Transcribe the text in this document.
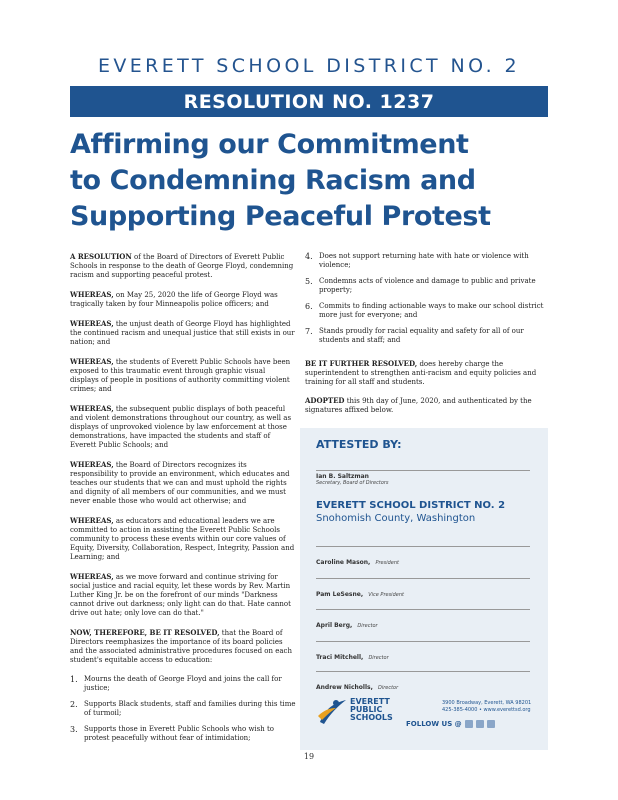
EVERETT SCHOOL DISTRICT NO. 2
RESOLUTION NO. 1237
Affirming our Commitment
to Condemning Racism and
Supporting Peaceful Protest

A RESOLUTION of the Board of Directors of Everett Public Schools in response to the death of George Floyd, condemning racism and supporting peaceful protest.

WHEREAS, on May 25, 2020 the life of George Floyd was tragically taken by four Minneapolis police officers; and

WHEREAS, the unjust death of George Floyd has highlighted the continued racism and unequal justice that still exists in our nation; and

WHEREAS, the students of Everett Public Schools have been exposed to this traumatic event through graphic visual displays of people in positions of authority committing violent crimes; and

WHEREAS, the subsequent public displays of both peaceful and violent demonstrations throughout our country, as well as displays of unprovoked violence by law enforcement at those demonstrations, have impacted the students and staff of Everett Public Schools; and

WHEREAS, the Board of Directors recognizes its responsibility to provide an environment, which educates and teaches our students that we can and must uphold the rights and dignity of all members of our communities, and we must never enable those who would act otherwise; and

WHEREAS, as educators and educational leaders we are committed to action in assisting the Everett Public Schools community to process these events within our core values of Equity, Diversity, Collaboration, Respect, Integrity, Passion and Learning; and

WHEREAS, as we move forward and continue striving for social justice and racial equity, let these words by Rev. Martin Luther King Jr. be on the forefront of our minds "Darkness cannot drive out darkness; only light can do that. Hate cannot drive out hate; only love can do that."

NOW, THEREFORE, BE IT RESOLVED, that the Board of Directors reemphasizes the importance of its board policies and the associated administrative procedures focused on each student's equitable access to education:

1. Mourns the death of George Floyd and joins the call for justice;
2. Supports Black students, staff and families during this time of turmoil;
3. Supports those in Everett Public Schools who wish to protest peacefully without fear of intimidation;
4. Does not support returning hate with hate or violence with violence;
5. Condemns acts of violence and damage to public and private property;
6. Commits to finding actionable ways to make our school district more just for everyone; and
7. Stands proudly for racial equality and safety for all of our students and staff; and

BE IT FURTHER RESOLVED, does hereby charge the superintendent to strengthen anti-racism and equity policies and training for all staff and students.

ADOPTED this 9th day of June, 2020, and authenticated by the signatures affixed below.

ATTESTED BY:
Ian B. Saltzman
Secretary, Board of Directors
EVERETT SCHOOL DISTRICT NO. 2
Snohomish County, Washington
Caroline Mason, President
Pam LeSesne, Vice President
April Berg, Director
Traci Mitchell, Director
Andrew Nicholls, Director
EVERETT
PUBLIC
SCHOOLS
3900 Broadway, Everett, WA 98201
425-385-4000 • www.everettsd.org
FOLLOW US @
19
